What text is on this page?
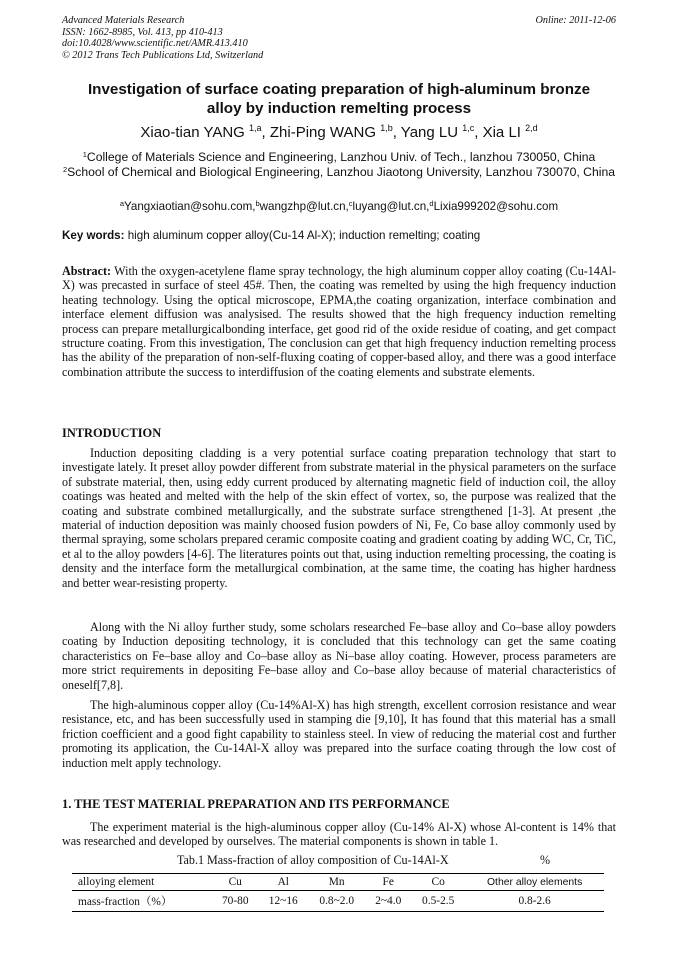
Advanced Materials Research
ISSN: 1662-8985, Vol. 413, pp 410-413
doi:10.4028/www.scientific.net/AMR.413.410
© 2012 Trans Tech Publications Ltd, Switzerland
Online: 2011-12-06
Investigation of surface coating preparation of high-aluminum bronze
alloy by induction remelting process
Xiao-tian YANG $^{1,a}$, Zhi-Ping WANG $^{1,b}$, Yang LU $^{1,c}$, Xia LI $^{2,d}$
$^1$College of Materials Science and Engineering, Lanzhou Univ. of Tech., lanzhou 730050, China
$^2$School of Chemical and Biological Engineering, Lanzhou Jiaotong University, Lanzhou 730070, China
$^a$Yangxiaotian@sohu.com,$^b$wangzhp@lut.cn,$^c$luyang@lut.cn,$^d$Lixia999202@sohu.com
Key words: high aluminum copper alloy(Cu-14 Al-X); induction remelting; coating
Abstract: With the oxygen-acetylene flame spray technology, the high aluminum copper alloy coating (Cu-14Al-X) was precasted in surface of steel 45#. Then, the coating was remelted by using the high frequency induction heating technology. Using the optical microscope, EPMA,the coating organization, interface combination and interface element diffusion was analysised. The results showed that the high frequency induction remelting process can prepare metallurgicalbonding interface, get good rid of the oxide residue of coating, and get compact structure coating. From this investigation, The conclusion can get that high frequency induction remelting process has the ability of the preparation of non-self-fluxing coating of copper-based alloy, and there was a good interface combination attribute the success to interdiffusion of the coating elements and substrate elements.
INTRODUCTION
Induction depositing cladding is a very potential surface coating preparation technology that start to investigate lately. It preset alloy powder different from substrate material in the physical parameters on the surface of substrate material, then, using eddy current produced by alternating magnetic field of induction coil, the alloy coatings was heated and melted with the help of the skin effect of vortex, so, the purpose was realized that the coating and substrate combined metallurgically, and the substrate surface strengthened [1-3]. At present ,the material of induction deposition was mainly choosed fusion powders of Ni, Fe, Co base alloy commonly used by thermal spraying, some scholars prepared ceramic composite coating and gradient coating by adding WC, Cr, TiC, et al to the alloy powders [4-6]. The literatures points out that, using induction remelting processing, the coating is density and the interface form the metallurgical combination, at the same time, the coating has higher hardness and better wear-resisting property.
Along with the Ni alloy further study, some scholars researched Fe–base alloy and Co–base alloy powders coating by Induction depositing technology, it is concluded that this technology can get the same coating characteristics on Fe–base alloy and Co–base alloy as Ni–base alloy coating. However, process parameters are more strict requirements in depositing Fe–base alloy and Co–base alloy because of material characteristics of oneself[7,8].
The high-aluminous copper alloy (Cu-14%Al-X) has high strength, excellent corrosion resistance and wear resistance, etc, and has been successfully used in stamping die [9,10], It has found that this material has a small friction coefficient and a good fight capability to stainless steel. In view of reducing the material cost and further promoting its application, the Cu-14Al-X alloy was prepared into the surface coating through the low cost of induction melt apply technology.
1. THE TEST MATERIAL PREPARATION AND ITS PERFORMANCE
The experiment material is the high-aluminous copper alloy (Cu-14% Al-X) whose Al-content is 14% that was researched and developed by ourselves. The material components is shown in table 1.
Tab.1 Mass-fraction of alloy composition of Cu-14Al-X	%
alloying element	Cu	Al	Mn	Fe	Co	Other alloy elements
mass-fraction（%）	70-80	12~16	0.8~2.0	2~4.0	0.5-2.5	0.8-2.6
